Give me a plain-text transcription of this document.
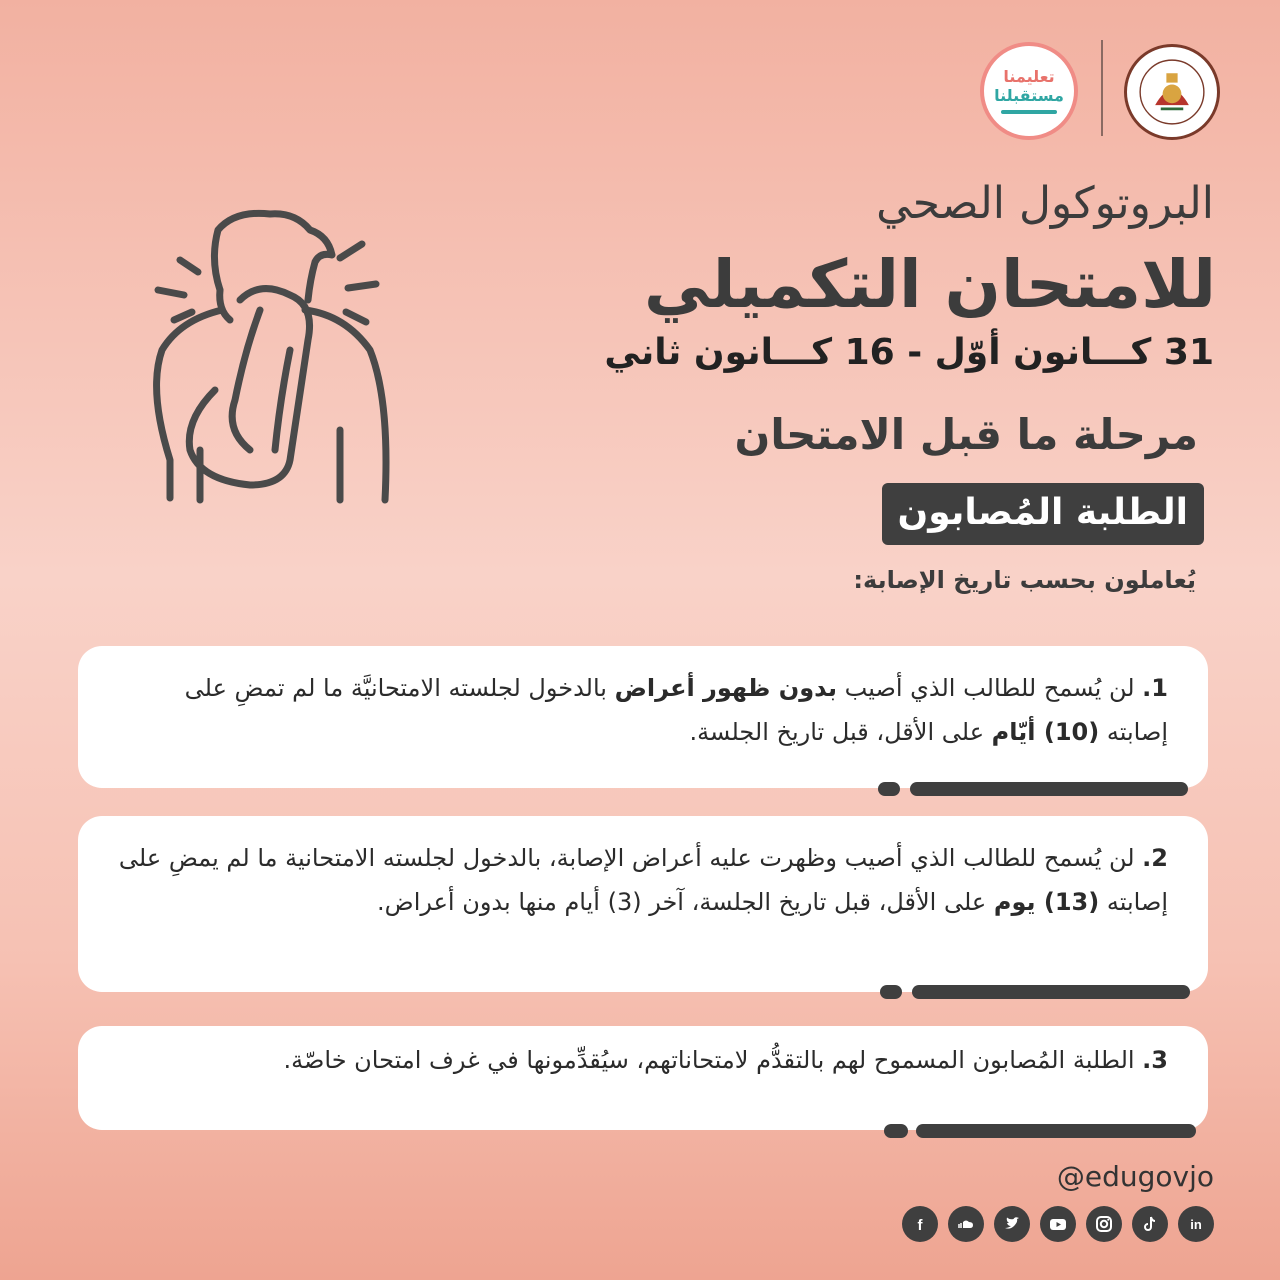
تعليمنا
مستقبلنا
البروتوكول الصحي
للامتحان التكميلي
31 كـــانون أوّل - 16 كـــانون ثاني
مرحلة ما قبل الامتحان
الطلبة المُصابون
يُعاملون بحسب تاريخ الإصابة:
1. لن يُسمح للطالب الذي أصيب بدون ظهور أعراض بالدخول لجلسته الامتحانيَّة ما لم تمضِ على إصابته (10) أيّام على الأقل، قبل تاريخ الجلسة.
2. لن يُسمح للطالب الذي أصيب وظهرت عليه أعراض الإصابة، بالدخول لجلسته الامتحانية ما لم يمضِ على إصابته (13) يوم على الأقل، قبل تاريخ الجلسة، آخر (3) أيام منها بدون أعراض.
3. الطلبة المُصابون المسموح لهم بالتقدُّم لامتحاناتهم، سيُقدِّمونها في غرف امتحان خاصّة.
@edugovjo
in
f
